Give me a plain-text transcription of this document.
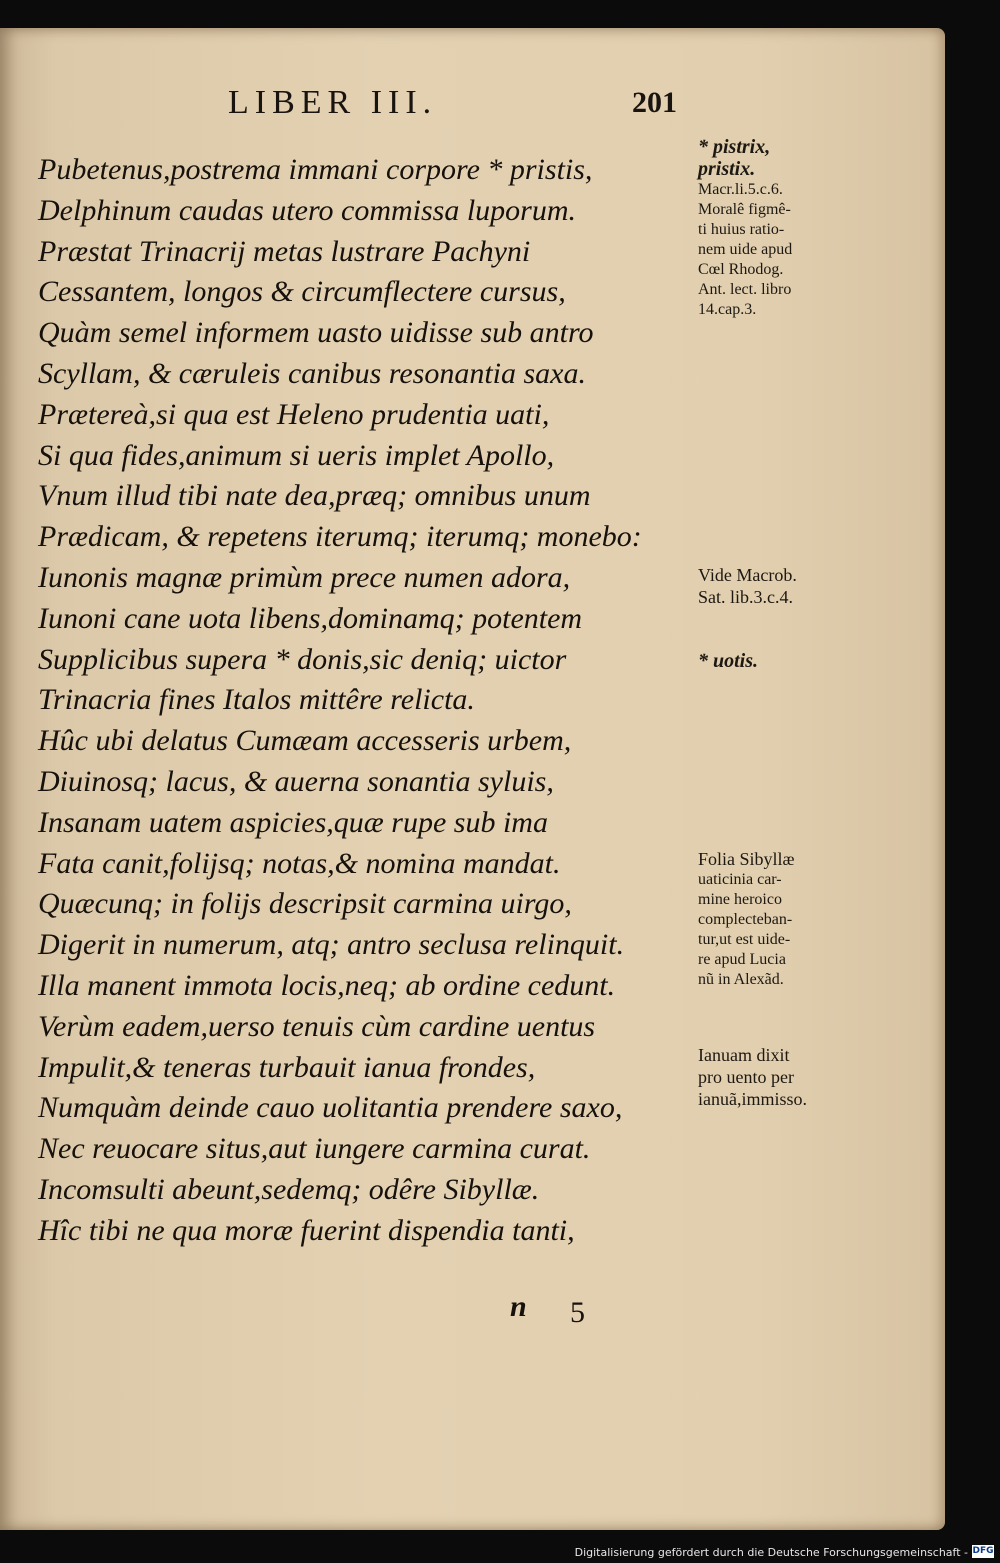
LIBER III.	201
Pubetenus,postrema immani corpore * pristis,
Delphinum caudas utero commissa luporum.
Præstat Trinacrij metas lustrare Pachyni
Cessantem, longos & circumflectere cursus,
Quàm semel informem uasto uidisse sub antro
Scyllam, & cæruleis canibus resonantia saxa.
Prætereà,si qua est Heleno prudentia uati,
Si qua fides,animum si ueris implet Apollo,
Vnum illud tibi nate dea,præq; omnibus unum
Prædicam, & repetens iterumq; iterumq; monebo:
Iunonis magnæ primùm prece numen adora,
Iunoni cane uota libens,dominamq; potentem
Supplicibus supera * donis,sic deniq; uictor
Trinacria fines Italos mittêre relicta.
Hûc ubi delatus Cumæam accesseris urbem,
Diuinosq; lacus, & auerna sonantia syluis,
Insanam uatem aspicies,quæ rupe sub ima
Fata canit,folijsq; notas,& nomina mandat.
Quæcunq; in folijs descripsit carmina uirgo,
Digerit in numerum, atq; antro seclusa relinquit.
Illa manent immota locis,neq; ab ordine cedunt.
Verùm eadem,uerso tenuis cùm cardine uentus
Impulit,& teneras turbauit ianua frondes,
Numquàm deinde cauo uolitantia prendere saxo,
Nec reuocare situs,aut iungere carmina curat.
Incomsulti abeunt,sedemq; odêre Sibyllæ.
Hîc tibi ne qua moræ fuerint dispendia tanti,
* pistrix,
pristix.
Macr.li.5.c.6.
Moralê figmê-
ti huius ratio-
nem uide apud
Cœl Rhodog.
Ant. lect. libro
14.cap.3.
Vide Macrob.
Sat. lib.3.c.4.
* uotis.
Folia Sibyllæ
uaticinia car-
mine heroico
complecteban-
tur,ut est uide-
re apud Lucia
nũ in Alexãd.
Ianuam dixit
pro uento per
ianuã,immisso.
n 5
Digitalisierung gefördert durch die Deutsche Forschungsgemeinschaft - DFG
